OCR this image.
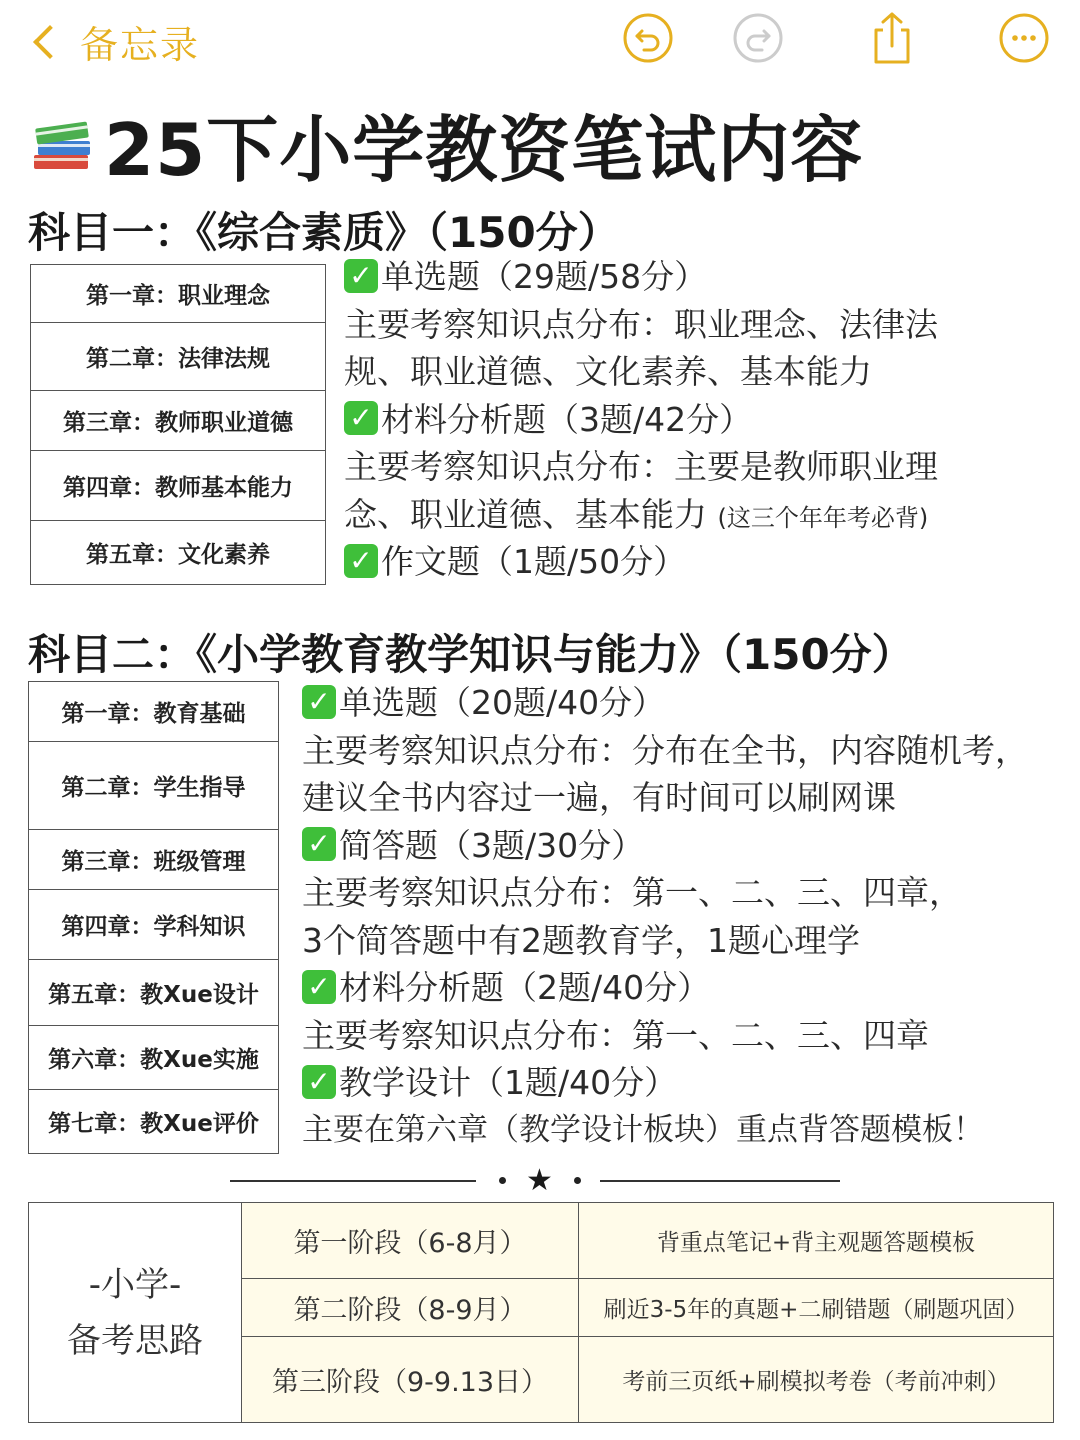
备忘录
25下小学教资笔试内容
科目一：《综合素质》（150分）
第一章：职业理念
第二章：法律法规
第三章：教师职业道德
第四章：教师基本能力
第五章：文化素养
✓ 单选题（29题/58分）
主要考察知识点分布：职业理念、法律法
规、职业道德、文化素养、基本能力
✓ 材料分析题（3题/42分）
主要考察知识点分布：主要是教师职业理
念、职业道德、基本能力 (这三个年年考必背)
✓ 作文题（1题/50分）
科目二：《小学教育教学知识与能力》（150分）
第一章：教育基础
第二章：学生指导
第三章：班级管理
第四章：学科知识
第五章：教Xue设计
第六章：教Xue实施
第七章：教Xue评价
✓ 单选题（20题/40分）
主要考察知识点分布：分布在全书，内容随机考，
建议全书内容过一遍，有时间可以刷网课
✓ 简答题（3题/30分）
主要考察知识点分布：第一、二、三、四章，
3个简答题中有2题教育学，1题心理学
✓ 材料分析题（2题/40分）
主要考察知识点分布：第一、二、三、四章
✓ 教学设计（1题/40分）
主要在第六章（教学设计板块）重点背答题模板！
★
-小学-
备考思路	第一阶段（6-8月）	背重点笔记+背主观题答题模板
	第二阶段（8-9月）	刷近3-5年的真题+二刷错题（刷题巩固）
	第三阶段（9-9.13日）	考前三页纸+刷模拟考卷（考前冲刺）
